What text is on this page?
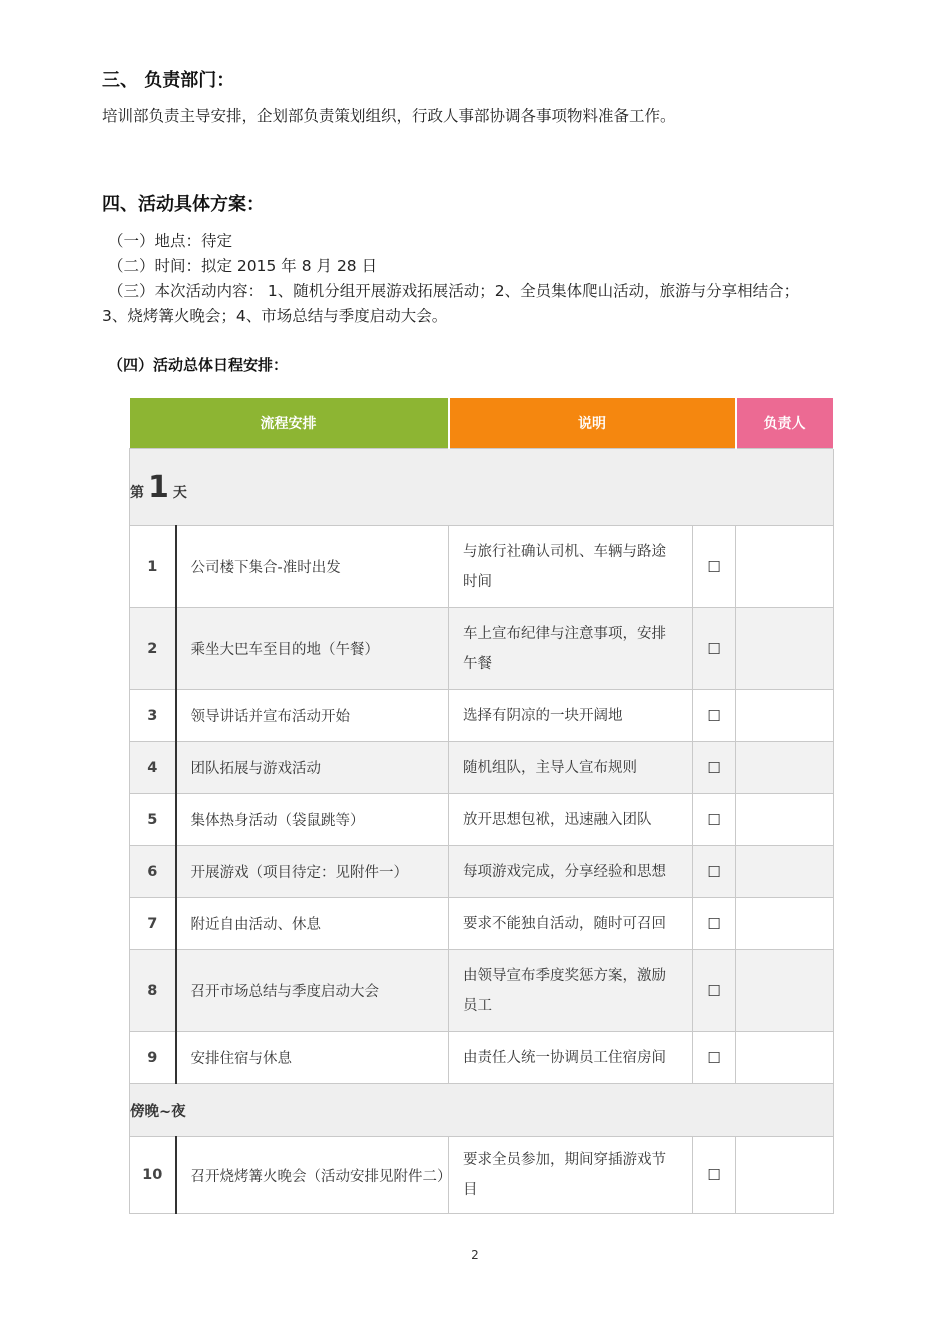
三、 负责部门：
培训部负责主导安排，企划部负责策划组织，行政人事部协调各事项物料准备工作。
四、活动具体方案：
（一）地点：待定
（二）时间：拟定 2015 年 8 月 28 日
（三）本次活动内容： 1、随机分组开展游戏拓展活动；2、全员集体爬山活动，旅游与分享相结合；
3、烧烤篝火晚会；4、市场总结与季度启动大会。
（四）活动总体日程安排：
流程安排		说明		负责人
第 1 天				
1	公司楼下集合-准时出发	与旅行社确认司机、车辆与路途时间	☐	
2	乘坐大巴车至目的地（午餐）	车上宣布纪律与注意事项，安排午餐	☐	
3	领导讲话并宣布活动开始	选择有阴凉的一块开阔地	☐	
4	团队拓展与游戏活动	随机组队，主导人宣布规则	☐	
5	集体热身活动（袋鼠跳等）	放开思想包袱，迅速融入团队	☐	
6	开展游戏（项目待定：见附件一）	每项游戏完成，分享经验和思想	☐	
7	附近自由活动、休息	要求不能独自活动，随时可召回	☐	
8	召开市场总结与季度启动大会	由领导宣布季度奖惩方案，激励员工	☐	
9	安排住宿与休息	由责任人统一协调员工住宿房间	☐	
傍晚~夜				
10	召开烧烤篝火晚会（活动安排见附件二）	要求全员参加，期间穿插游戏节目	☐	
2
